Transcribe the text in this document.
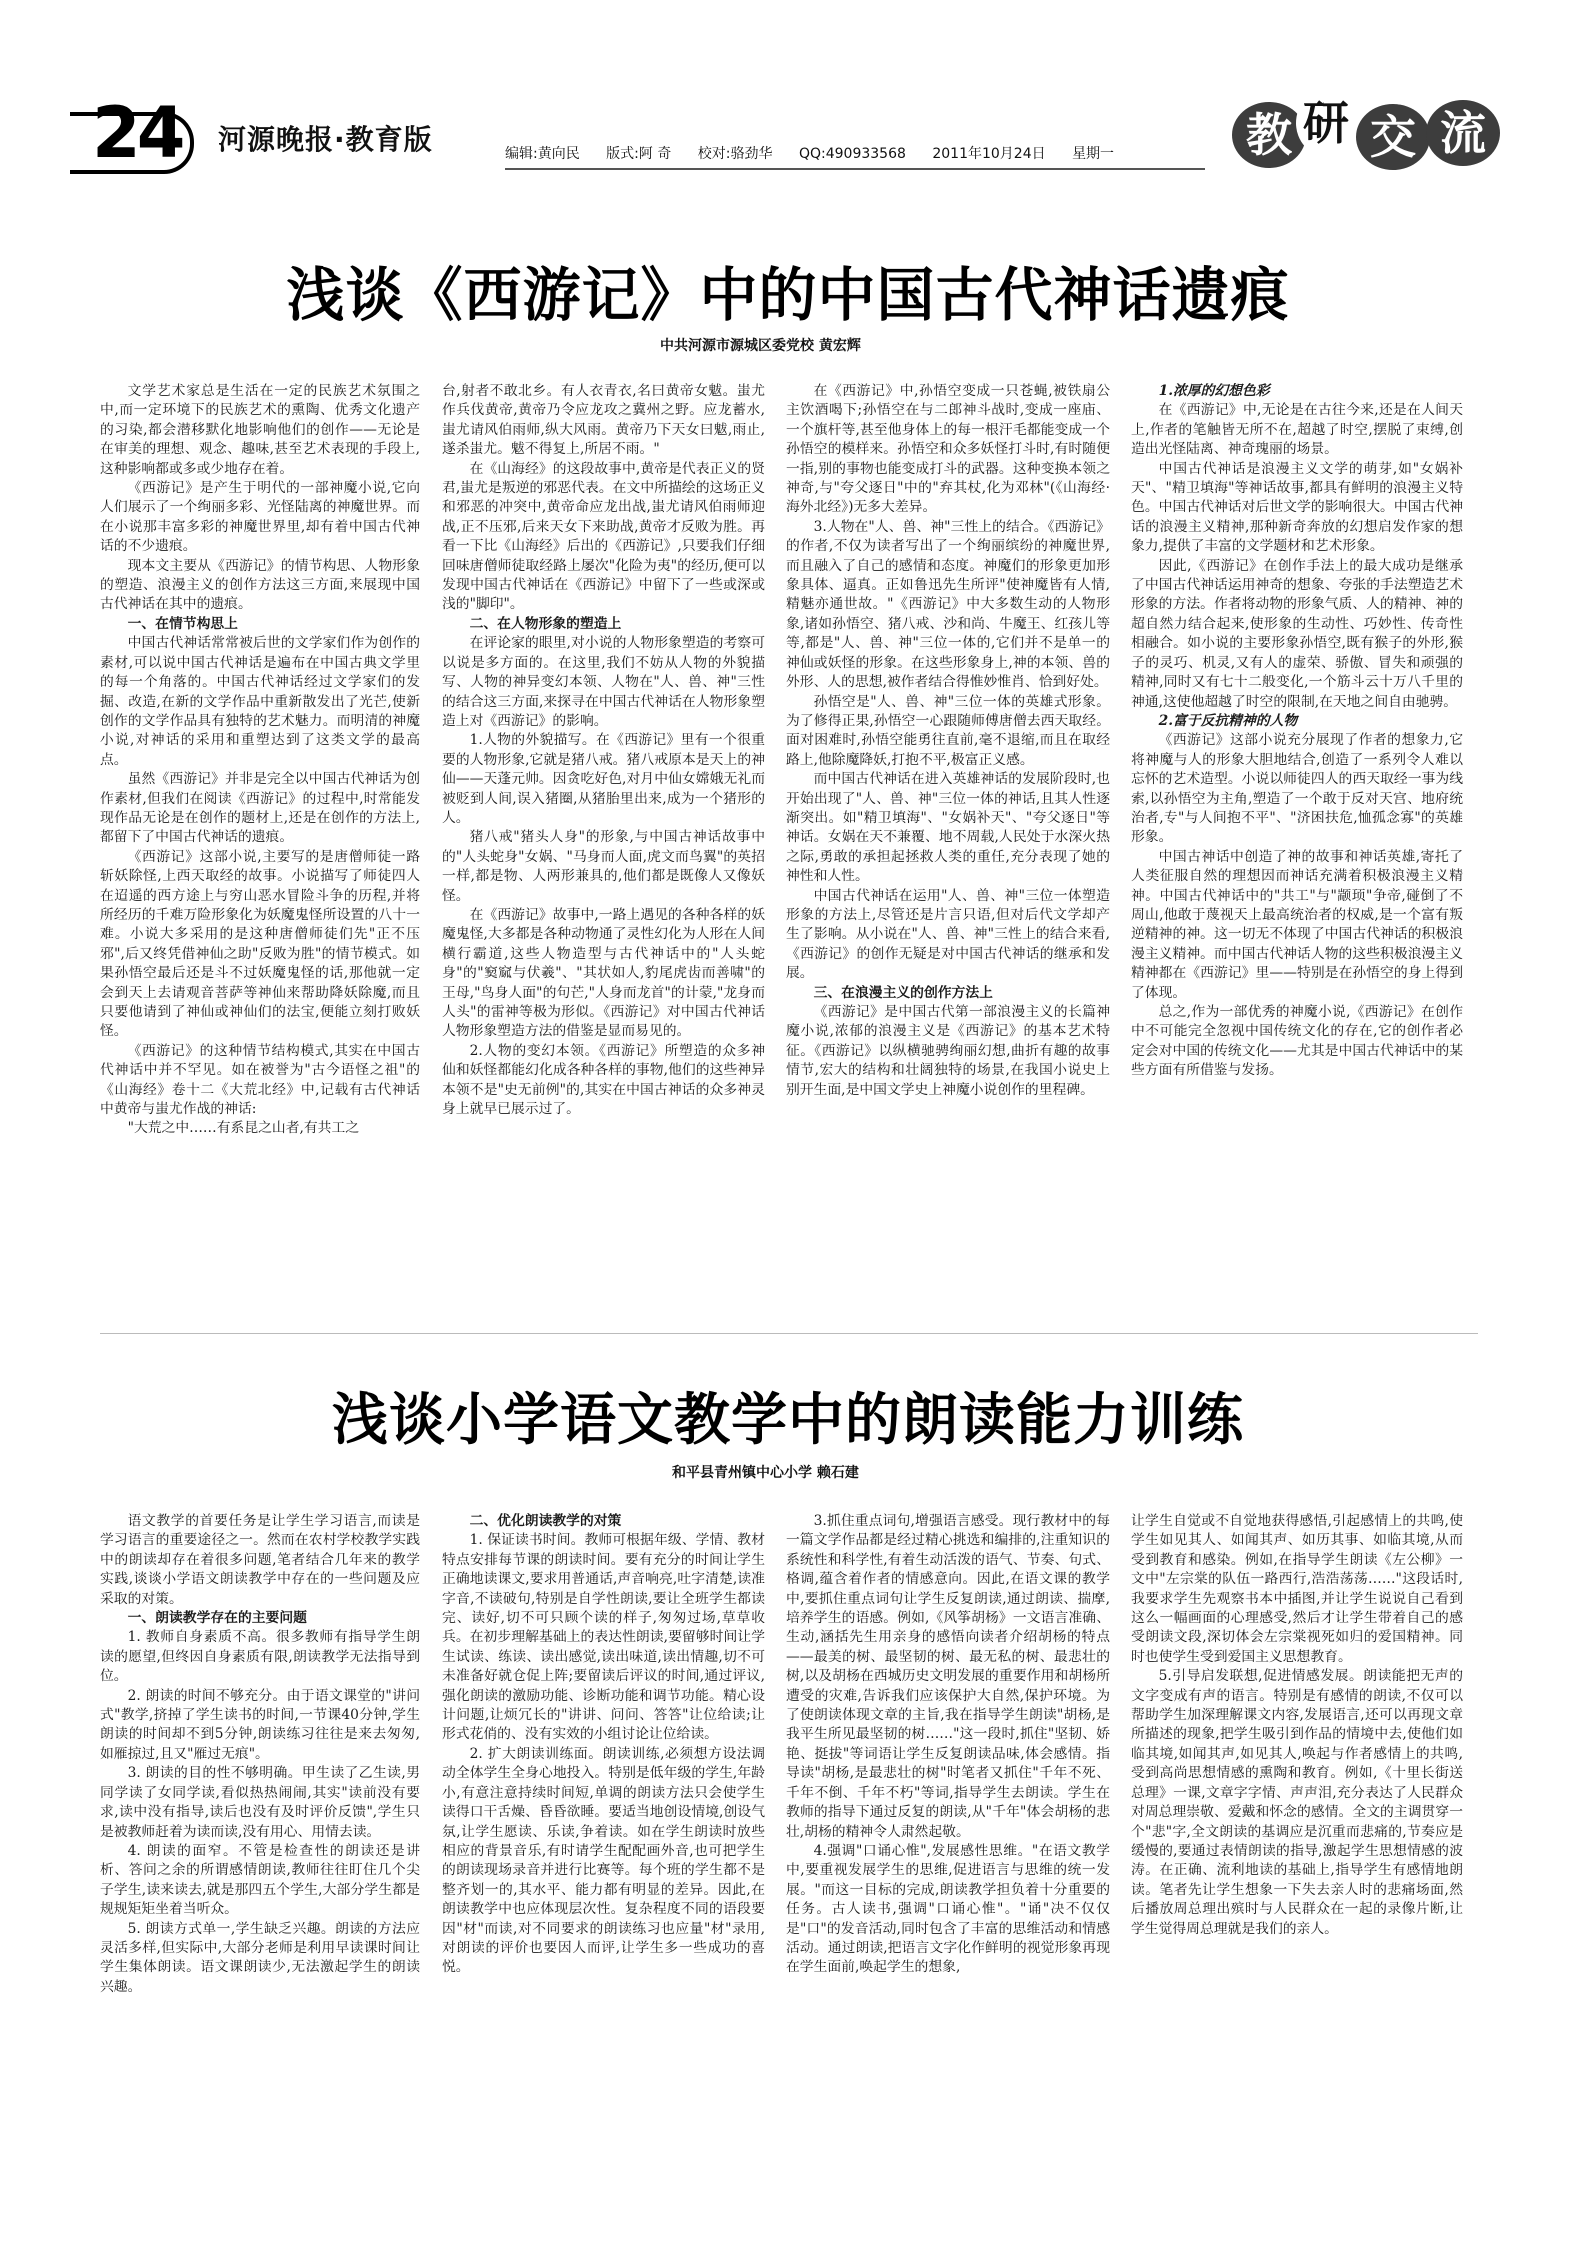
24 河源晚报·教育版	编辑:黄向民 版式:阿 奇 校对:骆劲华 QQ:490933568 2011年10月24日 星期一	教 研 交 流
浅谈《西游记》中的中国古代神话遗痕
中共河源市源城区委党校 黄宏辉

文学艺术家总是生活在一定的民族艺术氛围之中,而一定环境下的民族艺术的熏陶、优秀文化遗产的习染,都会潜移默化地影响他们的创作——无论是在审美的理想、观念、趣味,甚至艺术表现的手段上,这种影响都或多或少地存在着。

《西游记》是产生于明代的一部神魔小说,它向人们展示了一个绚丽多彩、光怪陆离的神魔世界。而在小说那丰富多彩的神魔世界里,却有着中国古代神话的不少遗痕。

现本文主要从《西游记》的情节构思、人物形象的塑造、浪漫主义的创作方法这三方面,来展现中国古代神话在其中的遗痕。

一、在情节构思上

中国古代神话常常被后世的文学家们作为创作的素材,可以说中国古代神话是遍布在中国古典文学里的每一个角落的。中国古代神话经过文学家们的发掘、改造,在新的文学作品中重新散发出了光芒,使新创作的文学作品具有独特的艺术魅力。而明清的神魔小说,对神话的采用和重塑达到了这类文学的最高点。

虽然《西游记》并非是完全以中国古代神话为创作素材,但我们在阅读《西游记》的过程中,时常能发现作品无论是在创作的题材上,还是在创作的方法上,都留下了中国古代神话的遗痕。

《西游记》这部小说,主要写的是唐僧师徒一路斩妖除怪,上西天取经的故事。小说描写了师徒四人在迢遥的西方途上与穷山恶水冒险斗争的历程,并将所经历的千难万险形象化为妖魔鬼怪所设置的八十一难。小说大多采用的是这种唐僧师徒们先"正不压邪",后又终凭借神仙之助"反败为胜"的情节模式。如果孙悟空最后还是斗不过妖魔鬼怪的话,那他就一定会到天上去请观音菩萨等神仙来帮助降妖除魔,而且只要他请到了神仙或神仙们的法宝,便能立刻打败妖怪。

《西游记》的这种情节结构模式,其实在中国古代神话中并不罕见。如在被誉为"古今语怪之祖"的《山海经》卷十二《大荒北经》中,记载有古代神话中黄帝与蚩尤作战的神话:

"大荒之中……有系昆之山者,有共工之

台,射者不敢北乡。有人衣青衣,名曰黄帝女魃。蚩尤作兵伐黄帝,黄帝乃令应龙攻之冀州之野。应龙蓄水,蚩尤请风伯雨师,纵大风雨。黄帝乃下天女曰魃,雨止,遂杀蚩尤。魃不得复上,所居不雨。"

在《山海经》的这段故事中,黄帝是代表正义的贤君,蚩尤是叛逆的邪恶代表。在文中所描绘的这场正义和邪恶的冲突中,黄帝命应龙出战,蚩尤请风伯雨师迎战,正不压邪,后来天女下来助战,黄帝才反败为胜。再看一下比《山海经》后出的《西游记》,只要我们仔细回味唐僧师徒取经路上屡次"化险为夷"的经历,便可以发现中国古代神话在《西游记》中留下了一些或深或浅的"脚印"。

二、在人物形象的塑造上

在评论家的眼里,对小说的人物形象塑造的考察可以说是多方面的。在这里,我们不妨从人物的外貌描写、人物的神异变幻本领、人物在"人、兽、神"三性的结合这三方面,来探寻在中国古代神话在人物形象塑造上对《西游记》的影响。

1.人物的外貌描写。在《西游记》里有一个很重要的人物形象,它就是猪八戒。猪八戒原本是天上的神仙——天蓬元帅。因贪吃好色,对月中仙女嫦娥无礼而被贬到人间,误入猪圈,从猪胎里出来,成为一个猪形的人。

猪八戒"猪头人身"的形象,与中国古神话故事中的"人头蛇身"女娲、"马身而人面,虎文而鸟翼"的英招一样,都是物、人两形兼具的,他们都是既像人又像妖怪。

在《西游记》故事中,一路上遇见的各种各样的妖魔鬼怪,大多都是各种动物通了灵性幻化为人形在人间横行霸道,这些人物造型与古代神话中的"人头蛇身"的"窫窳与伏羲"、"其状如人,豹尾虎齿而善啸"的王母,"鸟身人面"的句芒,"人身而龙首"的计蒙,"龙身而人头"的雷神等极为形似。《西游记》对中国古代神话人物形象塑造方法的借鉴是显而易见的。

2.人物的变幻本领。《西游记》所塑造的众多神仙和妖怪都能幻化成各种各样的事物,他们的这些神异本领不是"史无前例"的,其实在中国古神话的众多神灵身上就早已展示过了。

在《西游记》中,孙悟空变成一只苍蝇,被铁扇公主饮酒喝下;孙悟空在与二郎神斗战时,变成一座庙、一个旗杆等,甚至他身体上的每一根汗毛都能变成一个孙悟空的模样来。孙悟空和众多妖怪打斗时,有时随便一指,别的事物也能变成打斗的武器。这种变换本领之神奇,与"夸父逐日"中的"弃其杖,化为邓林"(《山海经·海外北经》)无多大差异。

3.人物在"人、兽、神"三性上的结合。《西游记》的作者,不仅为读者写出了一个绚丽缤纷的神魔世界,而且融入了自己的感情和态度。神魔们的形象更加形象具体、逼真。正如鲁迅先生所评"使神魔皆有人情,精魅亦通世故。"《西游记》中大多数生动的人物形象,诸如孙悟空、猪八戒、沙和尚、牛魔王、红孩儿等等,都是"人、兽、神"三位一体的,它们并不是单一的神仙或妖怪的形象。在这些形象身上,神的本领、兽的外形、人的思想,被作者结合得惟妙惟肖、恰到好处。

孙悟空是"人、兽、神"三位一体的英雄式形象。为了修得正果,孙悟空一心跟随师傅唐僧去西天取经。面对困难时,孙悟空能勇往直前,毫不退缩,而且在取经路上,他除魔降妖,打抱不平,极富正义感。

而中国古代神话在进入英雄神话的发展阶段时,也开始出现了"人、兽、神"三位一体的神话,且其人性逐渐突出。如"精卫填海"、"女娲补天"、"夸父逐日"等神话。女娲在天不兼覆、地不周载,人民处于水深火热之际,勇敢的承担起拯救人类的重任,充分表现了她的神性和人性。

中国古代神话在运用"人、兽、神"三位一体塑造形象的方法上,尽管还是片言只语,但对后代文学却产生了影响。从小说在"人、兽、神"三性上的结合来看,《西游记》的创作无疑是对中国古代神话的继承和发展。

三、在浪漫主义的创作方法上

《西游记》是中国古代第一部浪漫主义的长篇神魔小说,浓郁的浪漫主义是《西游记》的基本艺术特征。《西游记》以纵横驰骋绚丽幻想,曲折有趣的故事情节,宏大的结构和壮阔独特的场景,在我国小说史上别开生面,是中国文学史上神魔小说创作的里程碑。

1.浓厚的幻想色彩

在《西游记》中,无论是在古往今来,还是在人间天上,作者的笔触皆无所不在,超越了时空,摆脱了束缚,创造出光怪陆离、神奇瑰丽的场景。

中国古代神话是浪漫主义文学的萌芽,如"女娲补天"、"精卫填海"等神话故事,都具有鲜明的浪漫主义特色。中国古代神话对后世文学的影响很大。中国古代神话的浪漫主义精神,那种新奇奔放的幻想启发作家的想象力,提供了丰富的文学题材和艺术形象。

因此,《西游记》在创作手法上的最大成功是继承了中国古代神话运用神奇的想象、夸张的手法塑造艺术形象的方法。作者将动物的形象气质、人的精神、神的超自然力结合起来,使形象的生动性、巧妙性、传奇性相融合。如小说的主要形象孙悟空,既有猴子的外形,猴子的灵巧、机灵,又有人的虚荣、骄傲、冒失和顽强的精神,同时又有七十二般变化,一个筋斗云十万八千里的神通,这使他超越了时空的限制,在天地之间自由驰骋。

2.富于反抗精神的人物

《西游记》这部小说充分展现了作者的想象力,它将神魔与人的形象大胆地结合,创造了一系列令人难以忘怀的艺术造型。小说以师徒四人的西天取经一事为线索,以孙悟空为主角,塑造了一个敢于反对天宫、地府统治者,专"与人间抱不平"、"济困扶危,恤孤念寡"的英雄形象。

中国古神话中创造了神的故事和神话英雄,寄托了人类征服自然的理想因而神话充满着积极浪漫主义精神。中国古代神话中的"共工"与"颛顼"争帝,碰倒了不周山,他敢于蔑视天上最高统治者的权威,是一个富有叛逆精神的神。这一切无不体现了中国古代神话的积极浪漫主义精神。而中国古代神话人物的这些积极浪漫主义精神都在《西游记》里——特别是在孙悟空的身上得到了体现。

总之,作为一部优秀的神魔小说,《西游记》在创作中不可能完全忽视中国传统文化的存在,它的创作者必定会对中国的传统文化——尤其是中国古代神话中的某些方面有所借鉴与发扬。

浅谈小学语文教学中的朗读能力训练
和平县青州镇中心小学 赖石建

语文教学的首要任务是让学生学习语言,而读是学习语言的重要途径之一。然而在农村学校教学实践中的朗读却存在着很多问题,笔者结合几年来的教学实践,谈谈小学语文朗读教学中存在的一些问题及应采取的对策。

一、朗读教学存在的主要问题

1. 教师自身素质不高。很多教师有指导学生朗读的愿望,但终因自身素质有限,朗读教学无法指导到位。

2. 朗读的时间不够充分。由于语文课堂的"讲问式"教学,挤掉了学生读书的时间,一节课40分钟,学生朗读的时间却不到5分钟,朗读练习往往是来去匆匆,如雁掠过,且又"雁过无痕"。

3. 朗读的目的性不够明确。甲生读了乙生读,男同学读了女同学读,看似热热闹闹,其实"读前没有要求,读中没有指导,读后也没有及时评价反馈",学生只是被教师赶着为读而读,没有用心、用情去读。

4. 朗读的面窄。不管是检查性的朗读还是讲析、答问之余的所谓感情朗读,教师往往盯住几个尖子学生,读来读去,就是那四五个学生,大部分学生都是规规矩矩坐着当听众。

5. 朗读方式单一,学生缺乏兴趣。朗读的方法应灵活多样,但实际中,大部分老师是利用早读课时间让学生集体朗读。语文课朗读少,无法激起学生的朗读兴趣。

二、优化朗读教学的对策

1. 保证读书时间。教师可根据年级、学情、教材特点安排每节课的朗读时间。要有充分的时间让学生正确地读课文,要求用普通话,声音响亮,吐字清楚,读准字音,不读破句,特别是自学性朗读,要让全班学生都读完、读好,切不可只顾个读的样子,匆匆过场,草草收兵。在初步理解基础上的表达性朗读,要留够时间让学生试读、练读、读出感觉,读出味道,读出情趣,切不可未准备好就仓促上阵;要留读后评议的时间,通过评议,强化朗读的激励功能、诊断功能和调节功能。精心设计问题,让烦冗长的"讲讲、问问、答答"让位给读;让形式花俏的、没有实效的小组讨论让位给读。

2. 扩大朗读训练面。朗读训练,必须想方设法调动全体学生全身心地投入。特别是低年级的学生,年龄小,有意注意持续时间短,单调的朗读方法只会使学生读得口干舌燥、昏昏欲睡。要适当地创设情境,创设气氛,让学生愿读、乐读,争着读。如在学生朗读时放些相应的背景音乐,有时请学生配配画外音,也可把学生的朗读现场录音并进行比赛等。每个班的学生都不是整齐划一的,其水平、能力都有明显的差异。因此,在朗读教学中也应体现层次性。复杂程度不同的语段要因"材"而读,对不同要求的朗读练习也应量"材"录用,对朗读的评价也要因人而评,让学生多一些成功的喜悦。

3.抓住重点词句,增强语言感受。现行教材中的每一篇文学作品都是经过精心挑选和编排的,注重知识的系统性和科学性,有着生动活泼的语气、节奏、句式、格调,蕴含着作者的情感意向。因此,在语文课的教学中,要抓住重点词句让学生反复朗读,通过朗读、揣摩,培养学生的语感。例如,《风筝胡杨》一文语言准确、生动,涵括先生用亲身的感悟向读者介绍胡杨的特点——最美的树、最坚韧的树、最无私的树、最悲壮的树,以及胡杨在西城历史文明发展的重要作用和胡杨所遭受的灾难,告诉我们应该保护大自然,保护环境。为了使朗读体现文章的主旨,我在指导学生朗读"胡杨,是我平生所见最坚韧的树……"这一段时,抓住"坚韧、娇艳、挺拔"等词语让学生反复朗读品味,体会感情。指导读"胡杨,是最悲壮的树"时笔者又抓住"千年不死、千年不倒、千年不朽"等词,指导学生去朗读。学生在教师的指导下通过反复的朗读,从"千年"体会胡杨的悲壮,胡杨的精神令人肃然起敬。

4.强调"口诵心惟",发展感性思维。"在语文教学中,要重视发展学生的思维,促进语言与思维的统一发展。"而这一目标的完成,朗读教学担负着十分重要的任务。古人读书,强调"口诵心惟"。"诵"决不仅仅是"口"的发音活动,同时包含了丰富的思维活动和情感活动。通过朗读,把语言文字化作鲜明的视觉形象再现在学生面前,唤起学生的想象,

让学生自觉或不自觉地获得感悟,引起感情上的共鸣,使学生如见其人、如闻其声、如历其事、如临其境,从而受到教育和感染。例如,在指导学生朗读《左公柳》一文中"左宗棠的队伍一路西行,浩浩荡荡……"这段话时,我要求学生先观察书本中插图,并让学生说说自己看到这么一幅画面的心理感受,然后才让学生带着自己的感受朗读文段,深切体会左宗棠视死如归的爱国精神。同时也使学生受到爱国主义思想教育。

5.引导启发联想,促进情感发展。朗读能把无声的文字变成有声的语言。特别是有感情的朗读,不仅可以帮助学生加深理解课文内容,发展语言,还可以再现文章所描述的现象,把学生吸引到作品的情境中去,使他们如临其境,如闻其声,如见其人,唤起与作者感情上的共鸣,受到高尚思想情感的熏陶和教育。例如,《十里长街送总理》一课,文章字字情、声声泪,充分表达了人民群众对周总理崇敬、爱戴和怀念的感情。全文的主调贯穿一个"悲"字,全文朗读的基调应是沉重而悲痛的,节奏应是缓慢的,要通过表情朗读的指导,激起学生思想情感的波涛。在正确、流利地读的基础上,指导学生有感情地朗读。笔者先让学生想象一下失去亲人时的悲痛场面,然后播放周总理出殡时与人民群众在一起的录像片断,让学生觉得周总理就是我们的亲人。
